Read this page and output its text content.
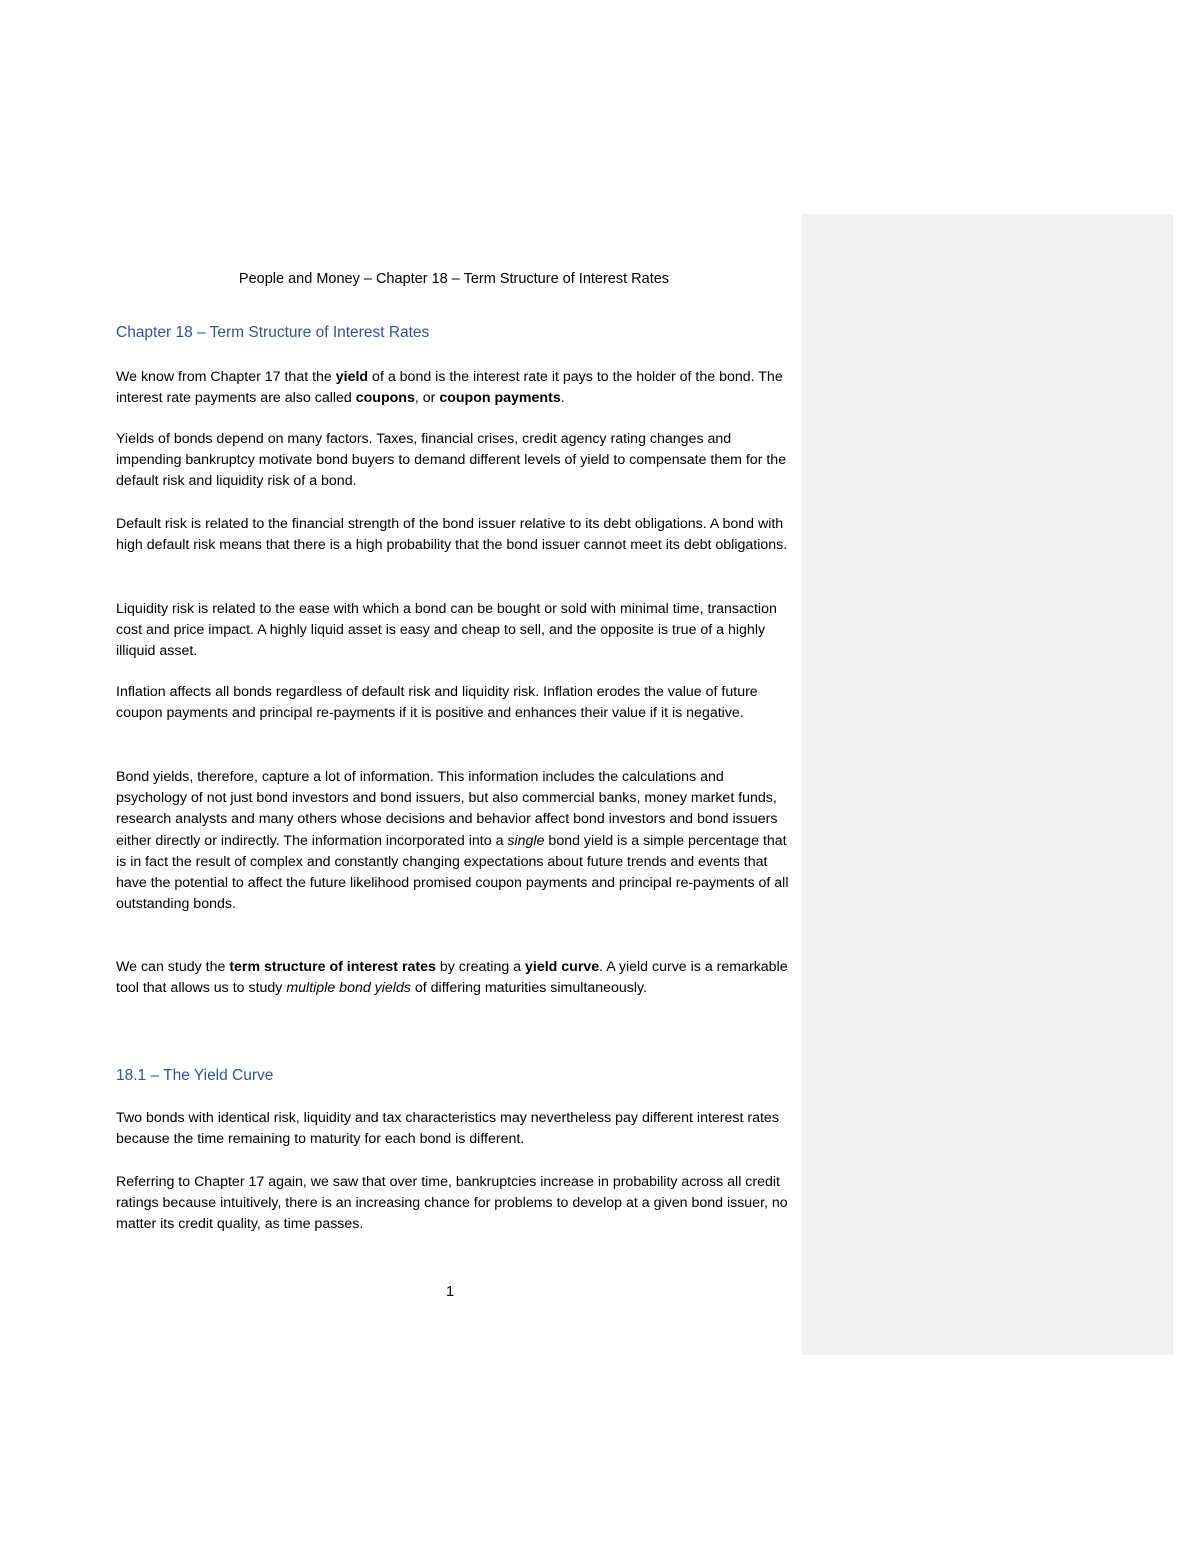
People and Money – Chapter 18 – Term Structure of Interest Rates
Chapter 18 – Term Structure of Interest Rates

We know from Chapter 17 that the yield of a bond is the interest rate it pays to the holder of the bond. The interest rate payments are also called coupons, or coupon payments.

Yields of bonds depend on many factors. Taxes, financial crises, credit agency rating changes and impending bankruptcy motivate bond buyers to demand different levels of yield to compensate them for the default risk and liquidity risk of a bond.

Default risk is related to the financial strength of the bond issuer relative to its debt obligations. A bond with high default risk means that there is a high probability that the bond issuer cannot meet its debt obligations.

Liquidity risk is related to the ease with which a bond can be bought or sold with minimal time, transaction cost and price impact. A highly liquid asset is easy and cheap to sell, and the opposite is true of a highly illiquid asset.

Inflation affects all bonds regardless of default risk and liquidity risk. Inflation erodes the value of future coupon payments and principal re-payments if it is positive and enhances their value if it is negative.

Bond yields, therefore, capture a lot of information. This information includes the calculations and psychology of not just bond investors and bond issuers, but also commercial banks, money market funds, research analysts and many others whose decisions and behavior affect bond investors and bond issuers either directly or indirectly. The information incorporated into a single bond yield is a simple percentage that is in fact the result of complex and constantly changing expectations about future trends and events that have the potential to affect the future likelihood promised coupon payments and principal re-payments of all outstanding bonds.

We can study the term structure of interest rates by creating a yield curve. A yield curve is a remarkable tool that allows us to study multiple bond yields of differing maturities simultaneously.

18.1 – The Yield Curve

Two bonds with identical risk, liquidity and tax characteristics may nevertheless pay different interest rates because the time remaining to maturity for each bond is different.

Referring to Chapter 17 again, we saw that over time, bankruptcies increase in probability across all credit ratings because intuitively, there is an increasing chance for problems to develop at a given bond issuer, no matter its credit quality, as time passes.

1
